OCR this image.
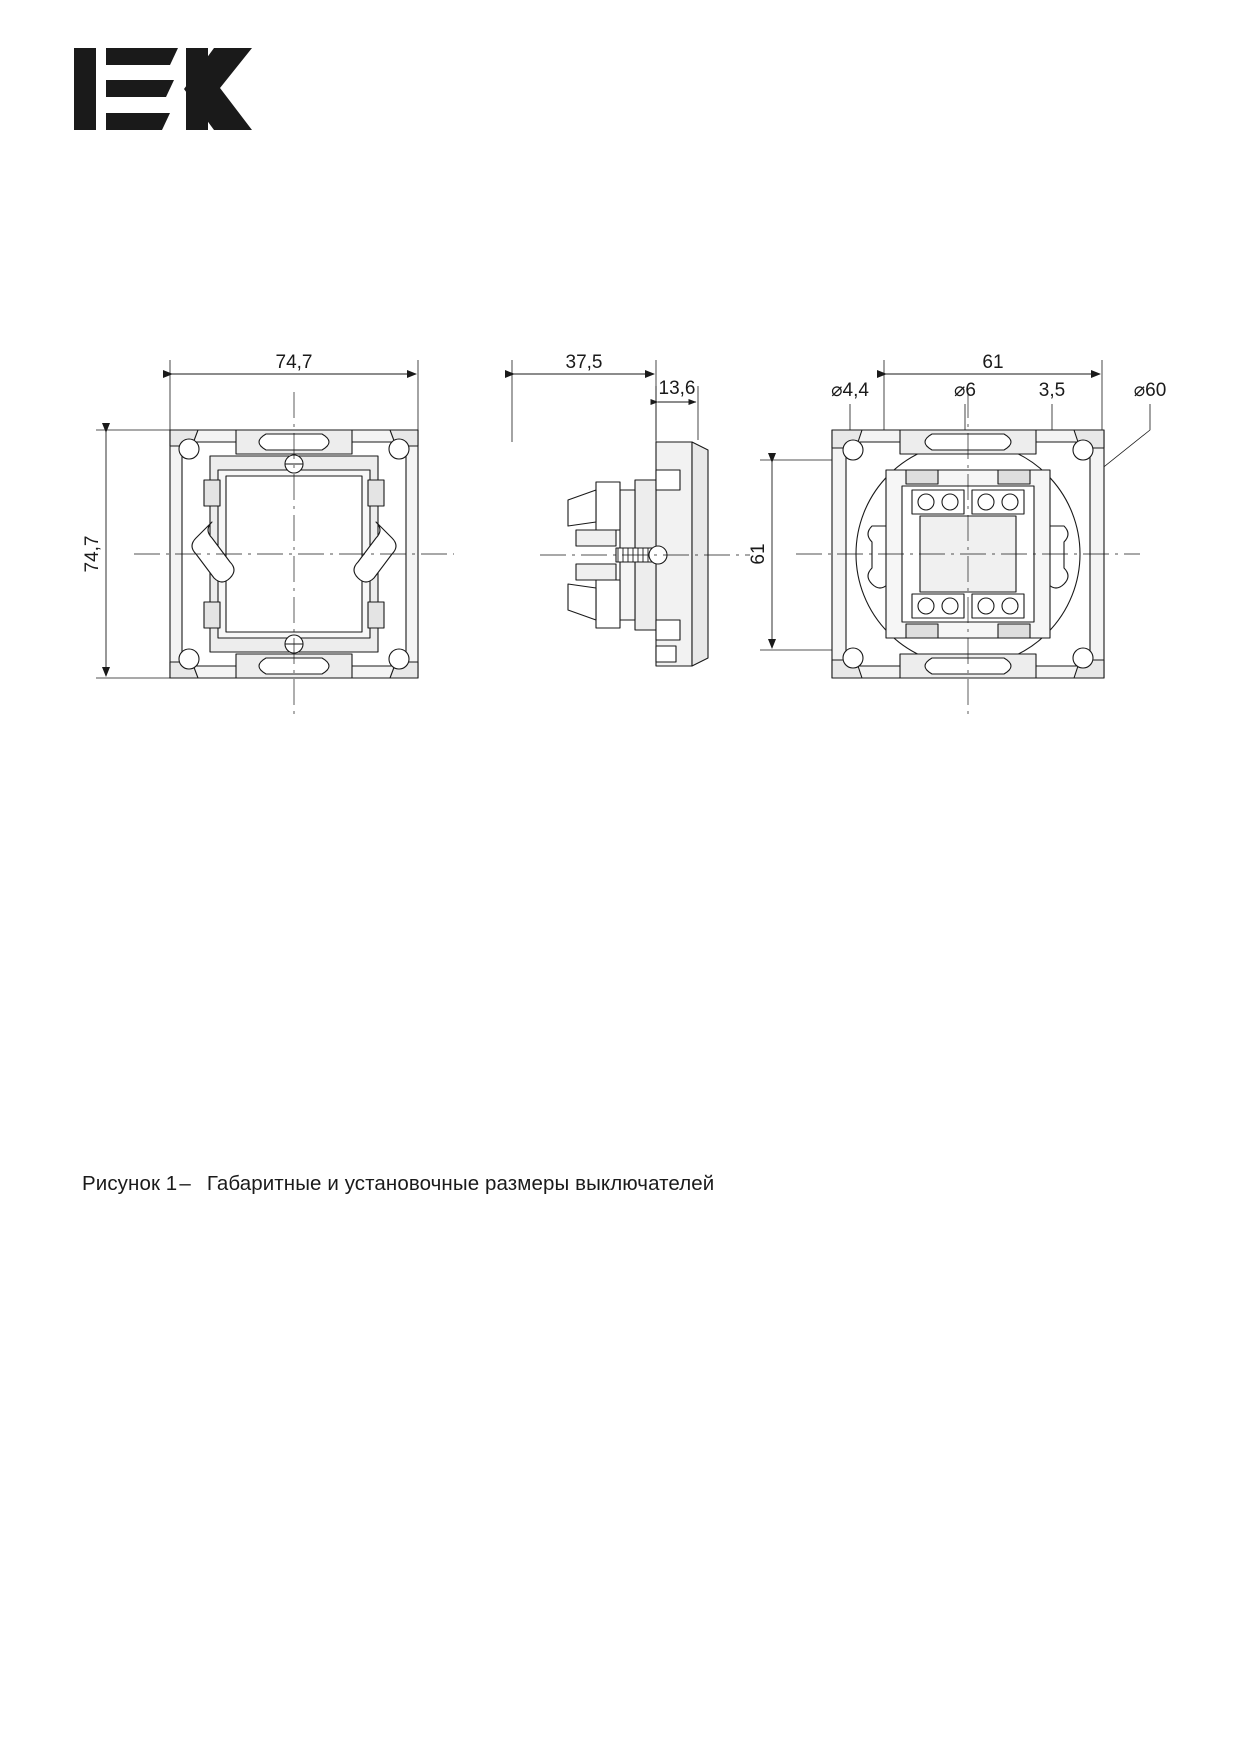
74,7
74,7
37,5
13,6
61
61
⌀4,4	⌀6	3,5	⌀60
Рисунок 1– Габаритные и установочные размеры выключателей
